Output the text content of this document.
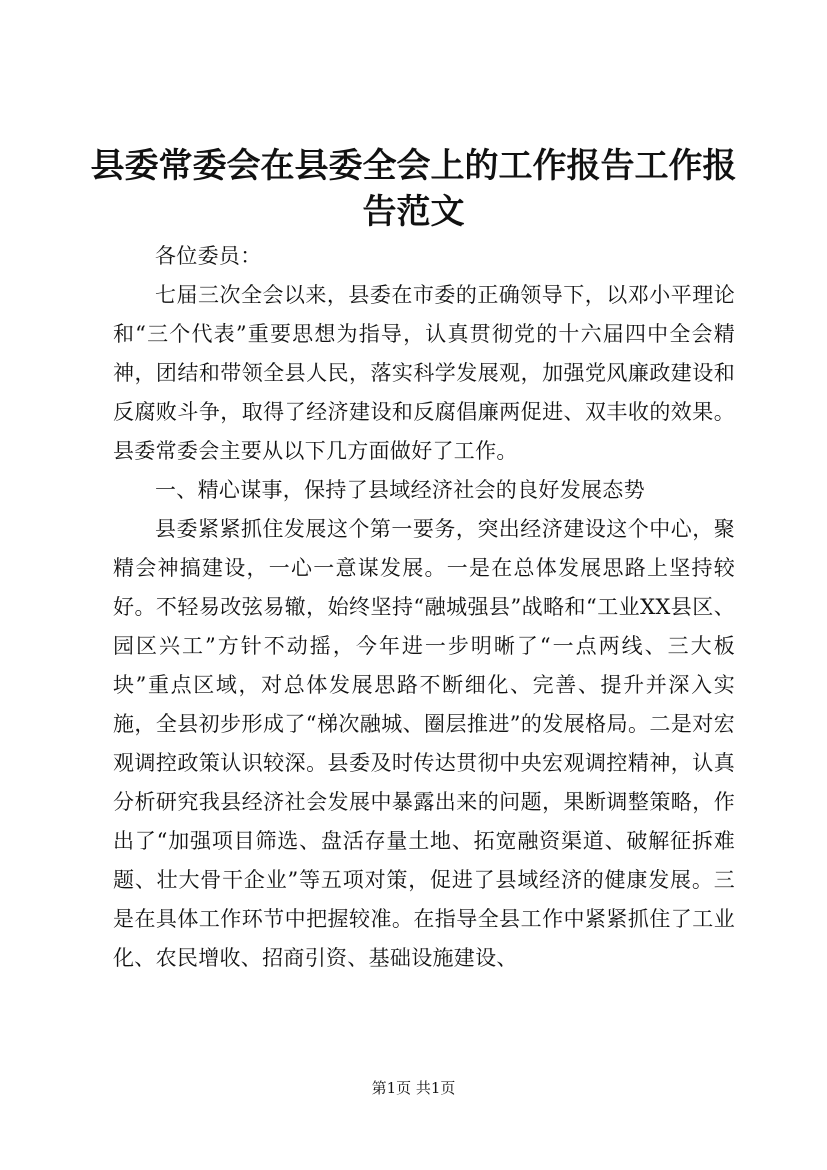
县委常委会在县委全会上的工作报告工作报告范文

各位委员：

七届三次全会以来，县委在市委的正确领导下，以邓小平理论和“三个代表”重要思想为指导，认真贯彻党的十六届四中全会精神，团结和带领全县人民，落实科学发展观，加强党风廉政建设和反腐败斗争，取得了经济建设和反腐倡廉两促进、双丰收的效果。县委常委会主要从以下几方面做好了工作。

一、精心谋事，保持了县域经济社会的良好发展态势

县委紧紧抓住发展这个第一要务，突出经济建设这个中心，聚精会神搞建设，一心一意谋发展。一是在总体发展思路上坚持较好。不轻易改弦易辙，始终坚持“融城强县”战略和“工业XX县区、园区兴工”方针不动摇，今年进一步明晰了“一点两线、三大板块”重点区域，对总体发展思路不断细化、完善、提升并深入实施，全县初步形成了“梯次融城、圈层推进”的发展格局。二是对宏观调控政策认识较深。县委及时传达贯彻中央宏观调控精神，认真分析研究我县经济社会发展中暴露出来的问题，果断调整策略，作出了“加强项目筛选、盘活存量土地、拓宽融资渠道、破解征拆难题、壮大骨干企业”等五项对策，促进了县域经济的健康发展。三是在具体工作环节中把握较准。在指导全县工作中紧紧抓住了工业化、农民增收、招商引资、基础设施建设、

第1页 共1页
